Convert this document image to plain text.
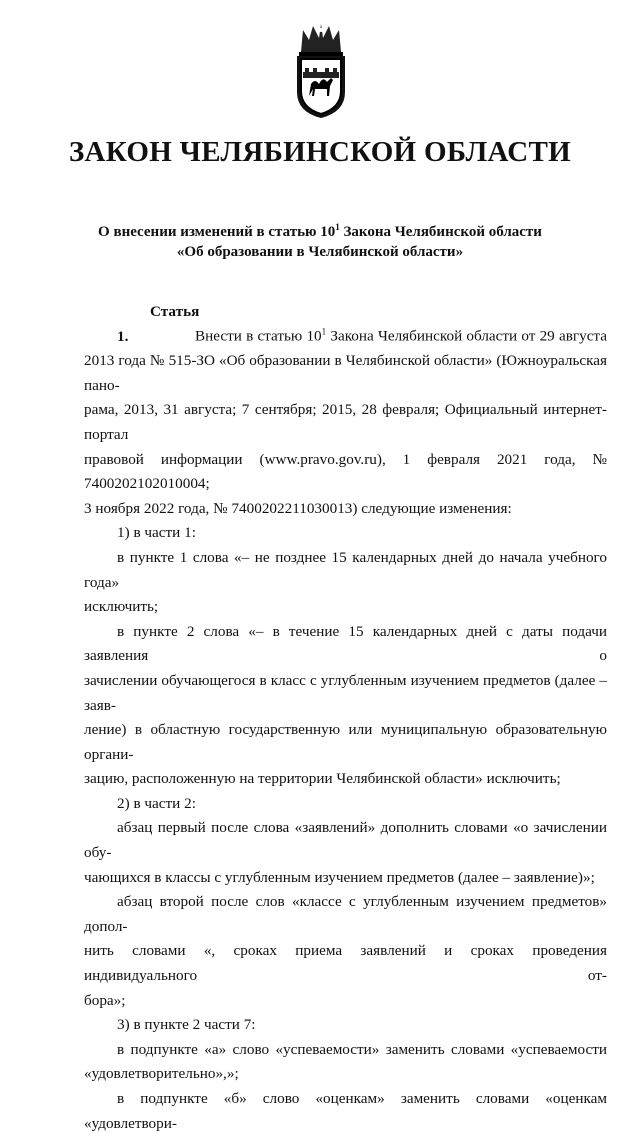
ЗАКОН ЧЕЛЯБИНСКОЙ ОБЛАСТИ
О внесении изменений в статью $10^1$ Закона Челябинской области
«Об образовании в Челябинской области»

Статья 1.	Внести в статью $10^1$ Закона Челябинской области от 29 августа

2013 года № 515-ЗО «Об образовании в Челябинской области» (Южноуральская пано-

рама, 2013, 31 августа; 7 сентября; 2015, 28 февраля; Официальный интернет-портал

правовой информации (www.pravo.gov.ru), 1 февраля 2021 года, № 7400202102010004;

3 ноября 2022 года, № 7400202211030013) следующие изменения:

1) в части 1:

в пункте 1 слова «– не позднее 15 календарных дней до начала учебного года»

исключить;

в пункте 2 слова «– в течение 15 календарных дней с даты подачи заявления о

зачислении обучающегося в класс с углубленным изучением предметов (далее – заяв-

ление) в областную государственную или муниципальную образовательную органи-

зацию, расположенную на территории Челябинской области» исключить;

2) в части 2:

абзац первый после слова «заявлений» дополнить словами «о зачислении обу-

чающихся в классы с углубленным изучением предметов (далее – заявление)»;

абзац второй после слов «классе с углубленным изучением предметов» допол-

нить словами «, сроках приема заявлений и сроках проведения индивидуального от-

бора»;

3) в пункте 2 части 7:

в подпункте «а» слово «успеваемости» заменить словами «успеваемости

«удовлетворительно»,»;

в подпункте «б» слово «оценкам» заменить словами «оценкам «удовлетвори-
